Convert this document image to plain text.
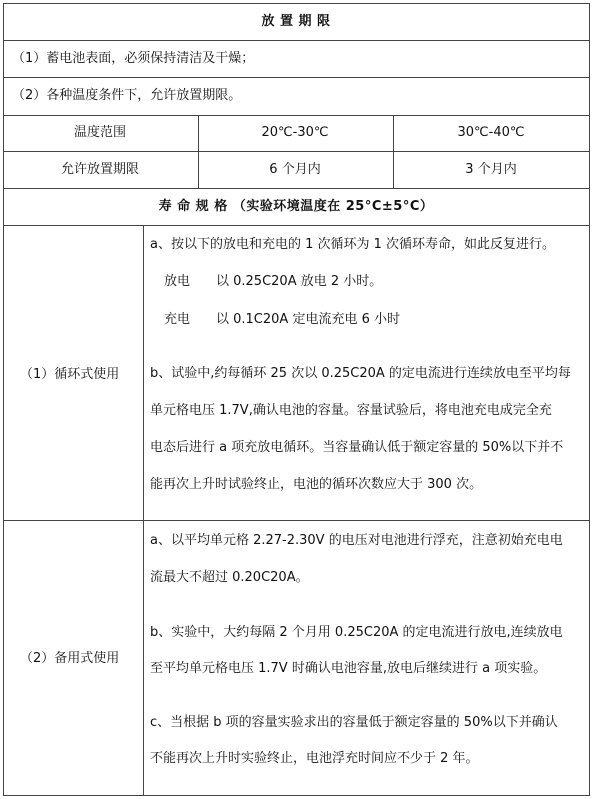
放 置 期 限
（1）蓄电池表面，必须保持清洁及干燥；
（2）各种温度条件下，允许放置期限。
温度范围
允许放置期限
20℃-30℃
6 个月内
30℃-40℃
3 个月内
寿 命 规 格 （实验环境温度在 25°C±5°C）
（1）循环式使用
a、按以下的放电和充电的 1 次循环为 1 次循环寿命，如此反复进行。
放电　　以 0.25C20A 放电 2 小时。
充电　　以 0.1C20A 定电流充电 6 小时
b、试验中,约每循环 25 次以 0.25C20A 的定电流进行连续放电至平均每
单元格电压 1.7V,确认电池的容量。容量试验后，将电池充电成完全充
电态后进行 a 项充放电循环。当容量确认低于额定容量的 50%以下并不
能再次上升时试验终止，电池的循环次数应大于 300 次。
（2）备用式使用
a、以平均单元格 2.27-2.30V 的电压对电池进行浮充，注意初始充电电
流最大不超过 0.20C20A。
b、实验中，大约每隔 2 个月用 0.25C20A 的定电流进行放电,连续放电
至平均单元格电压 1.7V 时确认电池容量,放电后继续进行 a 项实验。
c、当根据 b 项的容量实验求出的容量低于额定容量的 50%以下并确认
不能再次上升时实验终止，电池浮充时间应不少于 2 年。
